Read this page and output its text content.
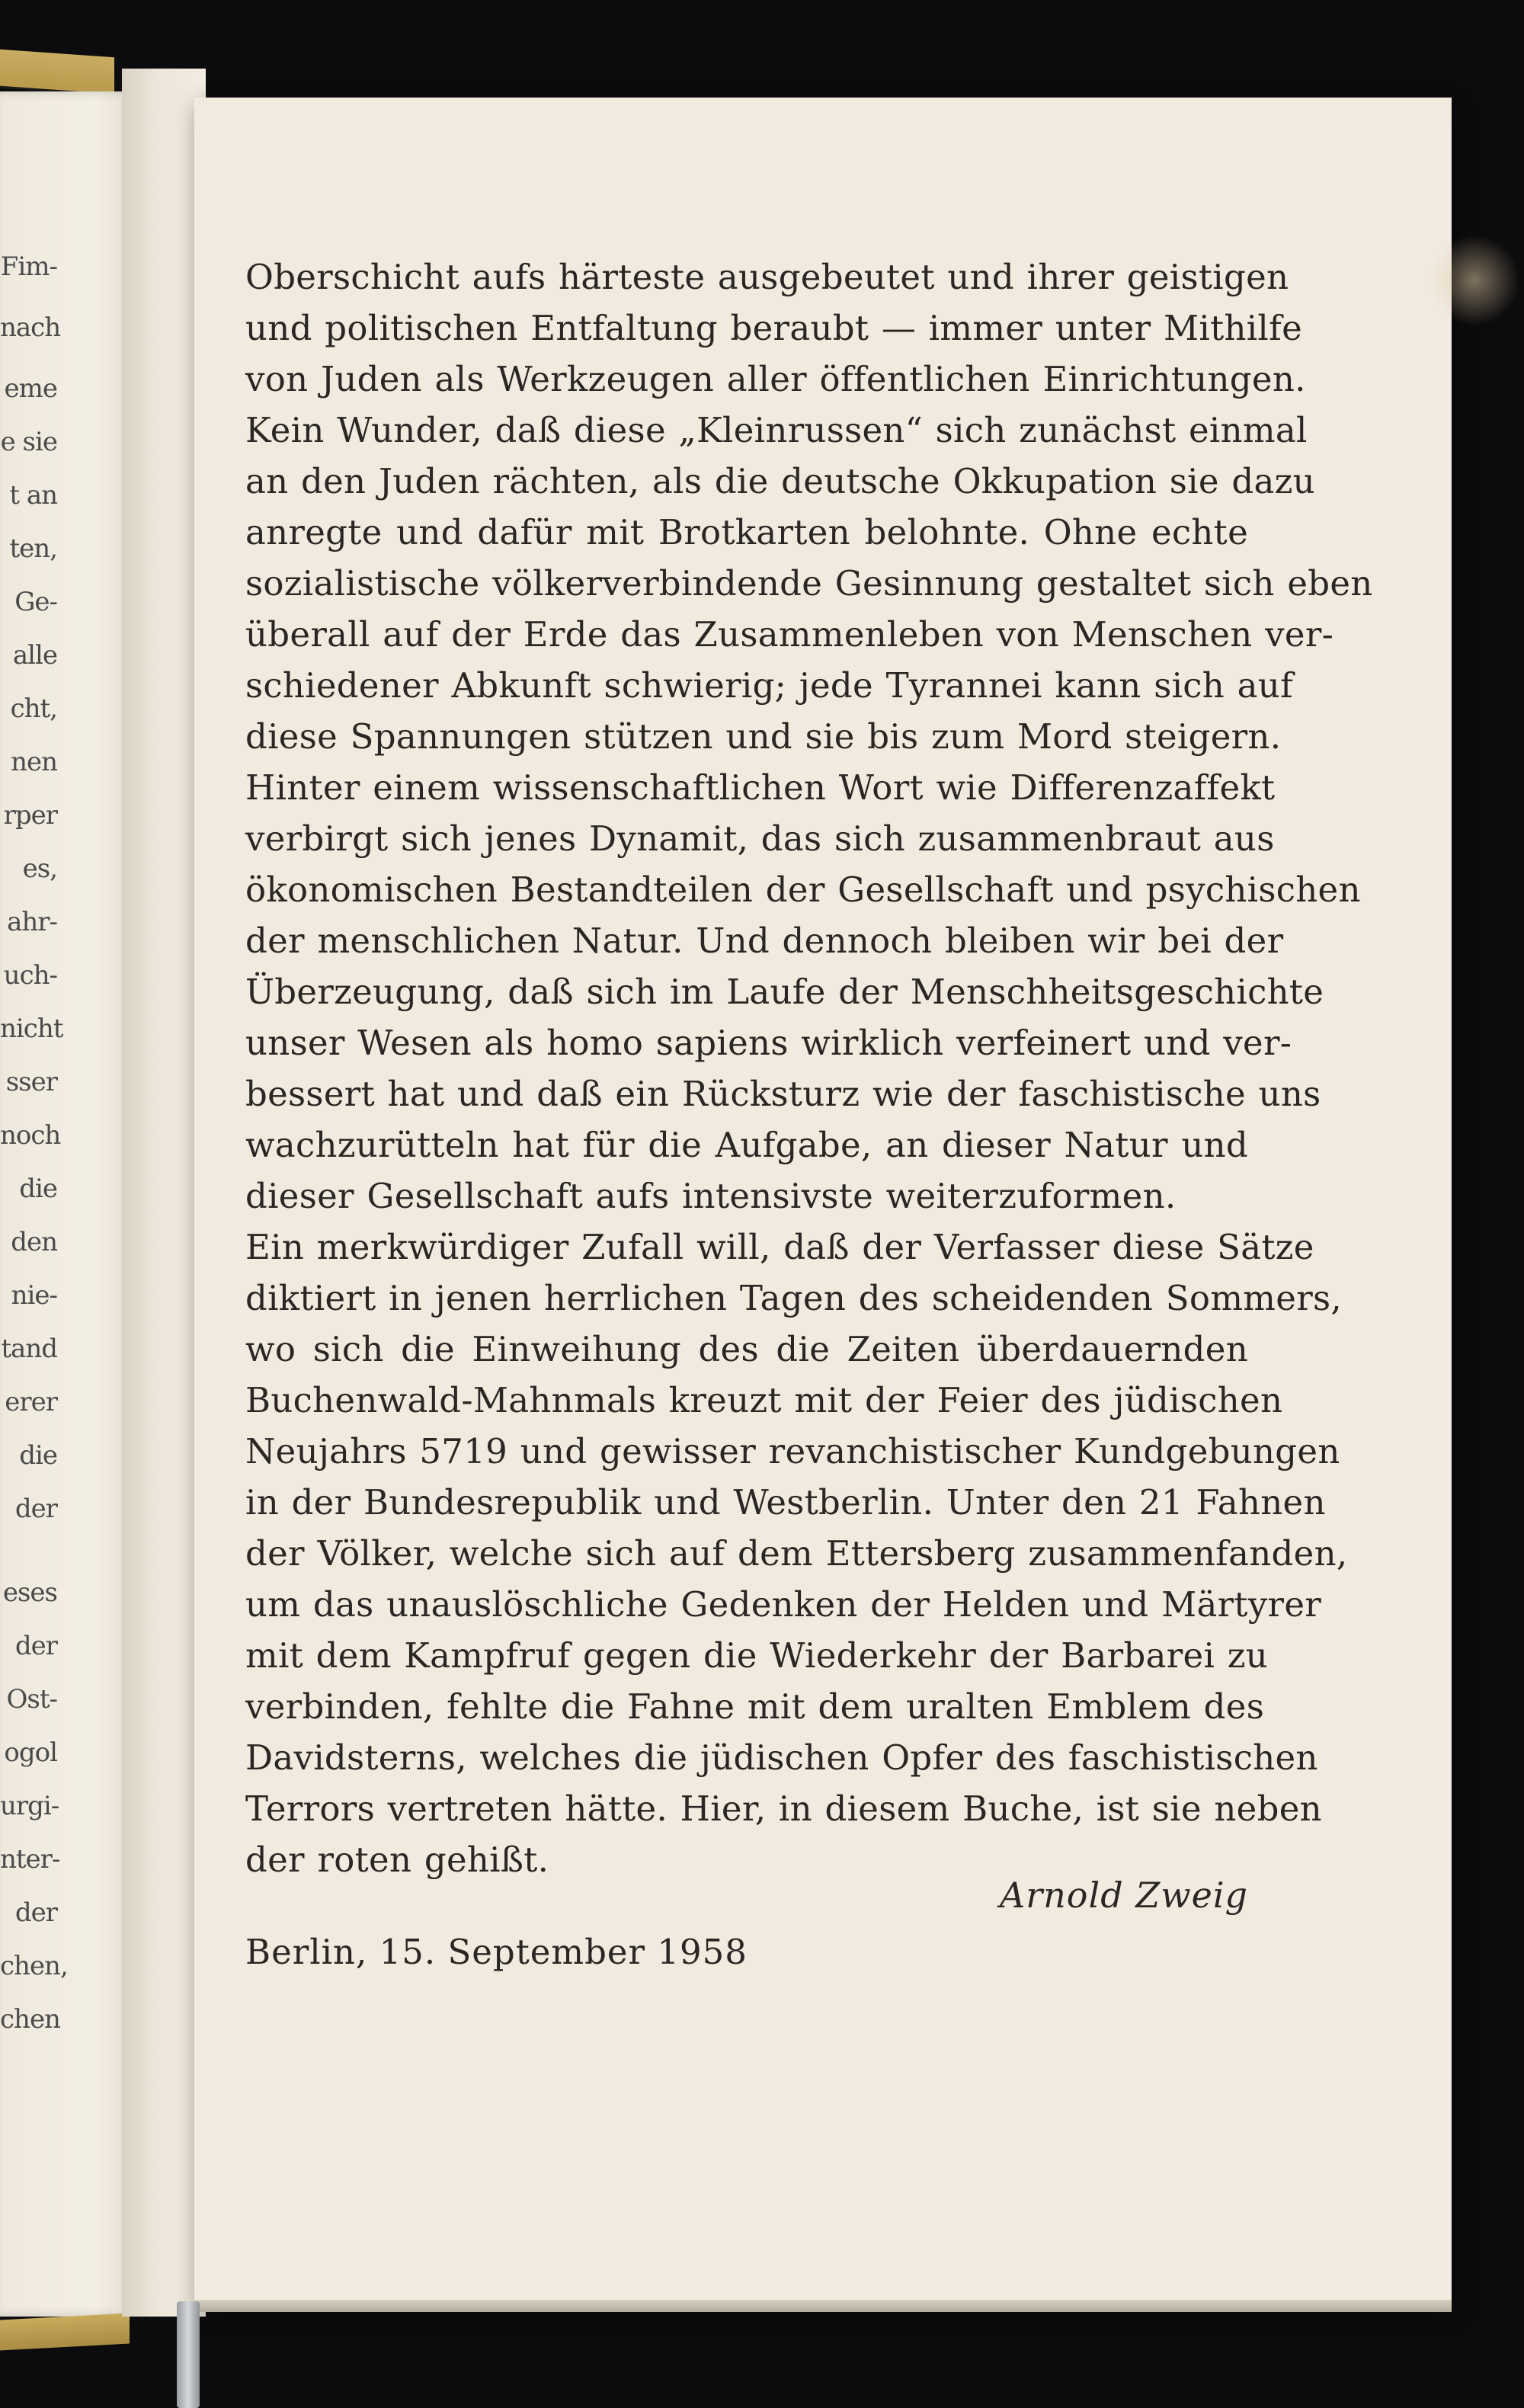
Fim-
nach
eme
e sie
t an
ten,
Ge-
alle
cht,
nen
rper
es,
ahr-
uch-
nicht
sser
noch
die
den
nie-
tand
erer
die
der
eses
der
Ost-
ogol
urgi-
nter-
der
chen,
chen
Oberschicht aufs härteste ausgebeutet und ihrer geistigen
und politischen Entfaltung beraubt — immer unter Mithilfe
von Juden als Werkzeugen aller öffentlichen Einrichtungen.
Kein Wunder, daß diese „Kleinrussen“ sich zunächst einmal
an den Juden rächten, als die deutsche Okkupation sie dazu
anregte und dafür mit Brotkarten belohnte. Ohne echte
sozialistische völkerverbindende Gesinnung gestaltet sich eben
überall auf der Erde das Zusammenleben von Menschen ver-
schiedener Abkunft schwierig; jede Tyrannei kann sich auf
diese Spannungen stützen und sie bis zum Mord steigern.
Hinter einem wissenschaftlichen Wort wie Differenzaffekt
verbirgt sich jenes Dynamit, das sich zusammenbraut aus
ökonomischen Bestandteilen der Gesellschaft und psychischen
der menschlichen Natur. Und dennoch bleiben wir bei der
Überzeugung, daß sich im Laufe der Menschheitsgeschichte
unser Wesen als homo sapiens wirklich verfeinert und ver-
bessert hat und daß ein Rücksturz wie der faschistische uns
wachzurütteln hat für die Aufgabe, an dieser Natur und
dieser Gesellschaft aufs intensivste weiterzuformen.
Ein merkwürdiger Zufall will, daß der Verfasser diese Sätze
diktiert in jenen herrlichen Tagen des scheidenden Sommers,
wo sich die Einweihung des die Zeiten überdauernden
Buchenwald-Mahnmals kreuzt mit der Feier des jüdischen
Neujahrs 5719 und gewisser revanchistischer Kundgebungen
in der Bundesrepublik und Westberlin. Unter den 21 Fahnen
der Völker, welche sich auf dem Ettersberg zusammenfanden,
um das unauslöschliche Gedenken der Helden und Märtyrer
mit dem Kampfruf gegen die Wiederkehr der Barbarei zu
verbinden, fehlte die Fahne mit dem uralten Emblem des
Davidsterns, welches die jüdischen Opfer des faschistischen
Terrors vertreten hätte. Hier, in diesem Buche, ist sie neben
der roten gehißt.
Arnold Zweig
Berlin, 15. September 1958
